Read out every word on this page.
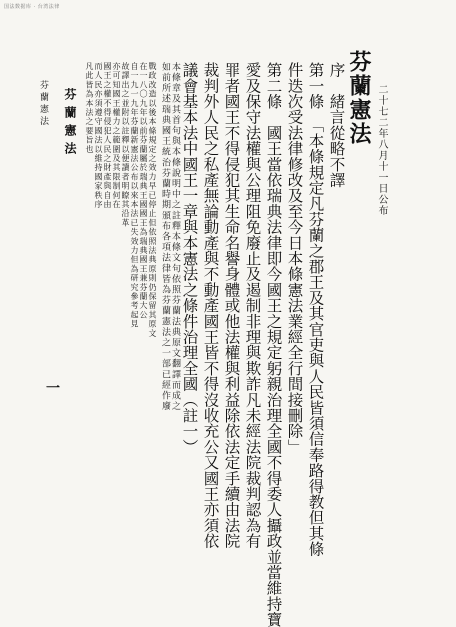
国法数据库 · 台湾法律
芬蘭憲法 二十七二年八月十一日公布
序　緒言從略不譯
第一條　「本條規定凡芬蘭之郡王及其官吏與人民皆須信奉路得教但其條
件迭次受法律修改及至今日本條憲法業經全行間接刪除」
第二條　國王當依瑞典法律即今國王之規定躬親治理全國不得委人攝政並當維持寶
愛及保守法權與公理阻免廢止及遏制非理與欺詐凡未經法院裁判認為有
罪者國王不得侵犯其生命名譽身體或他法權與利益除依法定手續由法院
裁判外人民之私產無論動產與不動產國王皆不得沒收充公又國王亦須依
議會基本法中國王一章與本憲法之條件治理全國（註一）
本條章及其首句與本條說明中之註釋本條文句依照芬蘭法典原文翻譯而成之
如前所述瑞典國王統治芬蘭時期頒布各項法律皆為芬蘭憲法之一部已經作廢
戰政改造以後本條規定之效力早已停止但依照法典原則仍保留其原文
在一八〇九年以前芬蘭屬於瑞典王國國王為瑞典國王兼芬蘭大公
自一九一九年芬蘭新憲法公布以來本法已失效力但為研究參考起見
故譯出之並附以註釋以便讀者明瞭其沿革
亦可知國王權力之範圍及其限制何在
國王之權不得侵犯人民之財產與自由
而人民亦須遵守國法以維持國家秩序
凡此皆為本法之要旨也
芬蘭憲法
芬蘭憲法
一
